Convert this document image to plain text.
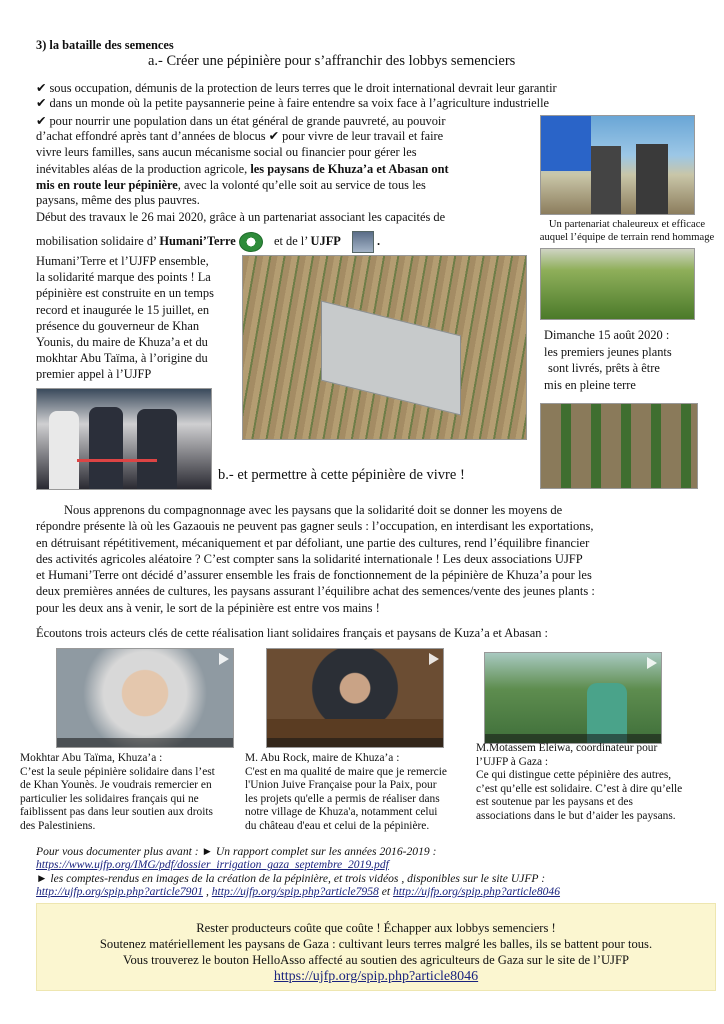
3) la bataille des semences
a.- Créer une pépinière pour s’affranchir des lobbys semenciers
✔ sous occupation, démunis de la protection de leurs terres que le droit international devrait leur garantir
✔ dans un monde où la petite paysannerie peine à faire entendre sa voix face à l’agriculture industrielle
✔ pour nourrir une population dans un état général de grande pauvreté, au pouvoir
d’achat effondré après tant d’années de blocus ✔ pour vivre de leur travail et faire
vivre leurs familles, sans aucun mécanisme social ou financier pour gérer les
inévitables aléas de la production agricole, les paysans de Khuza’a et Abasan ont
mis en route leur pépinière, avec la volonté qu’elle soit au service de tous les
paysans, même des plus pauvres.
Début des travaux le 26 mai 2020, grâce à un partenariat associant les capacités de
mobilisation solidaire d’ Humani’Terre	et de l’ UJFP	.
Un partenariat chaleureux et efficace
auquel l’équipe de terrain rend hommage
Humani’Terre et l’UJFP ensemble,
la solidarité marque des points ! La
pépinière est construite en un temps
record et inaugurée le 15 juillet, en
présence du gouverneur de Khan
Younis, du maire de Khuza’a et du
mokhtar Abu Taïma, à l’origine du
premier appel à l’UJFP
Dimanche 15 août 2020 :
les premiers jeunes plants
sont livrés, prêts à être
mis en pleine terre
b.- et permettre à cette pépinière de vivre !
Nous apprenons du compagnonnage avec les paysans que la solidarité doit se donner les moyens de
répondre présente là où les Gazaouis ne peuvent pas gagner seuls : l’occupation, en interdisant les exportations,
en détruisant répétitivement, mécaniquement et par défoliant, une partie des cultures, rend l’équilibre financier
des activités agricoles aléatoire ? C’est compter sans la solidarité internationale ! Les deux associations UJFP
et Humani’Terre ont décidé d’assurer ensemble les frais de fonctionnement de la pépinière de Khuza’a pour les
deux premières années de cultures, les paysans assurant l’équilibre achat des semences/vente des jeunes plants :
pour les deux ans à venir, le sort de la pépinière est entre vos mains !
Écoutons trois acteurs clés de cette réalisation liant solidaires français et paysans de Kuza’a et Abasan :
Mokhtar Abu Taïma, Khuza’a :
C’est la seule pépinière solidaire dans l’est
de Khan Younès. Je voudrais remercier en
particulier les solidaires français qui ne
faiblissent pas dans leur soutien aux droits
des Palestiniens.
M. Abu Rock, maire de Khuza’a :
C'est en ma qualité de maire que je remercie
l'Union Juive Française pour la Paix, pour
les projets qu'elle a permis de réaliser dans
notre village de Khuza'a, notamment celui
du château d'eau et celui de la pépinière.
M.Motassem Eleiwa, coordinateur pour
l’UJFP à Gaza :
Ce qui distingue cette pépinière des autres,
c’est qu’elle est solidaire. C’est à dire qu’elle
est soutenue par les paysans et des
associations dans le but d’aider les paysans.
Pour vous documenter plus avant : ► Un rapport complet sur les années 2016-2019 :
https://www.ujfp.org/IMG/pdf/dossier_irrigation_gaza_septembre_2019.pdf
► les comptes-rendus en images de la création de la pépinière, et trois vidéos , disponibles sur le site UJFP :
http://ujfp.org/spip.php?article7901 , http://ujfp.org/spip.php?article7958 et http://ujfp.org/spip.php?article8046
Rester producteurs coûte que coûte ! Échapper aux lobbys semenciers !
Soutenez matériellement les paysans de Gaza : cultivant leurs terres malgré les balles, ils se battent pour tous.
Vous trouverez le bouton HelloAsso affecté au soutien des agriculteurs de Gaza sur le site de l’UJFP
https://ujfp.org/spip.php?article8046
